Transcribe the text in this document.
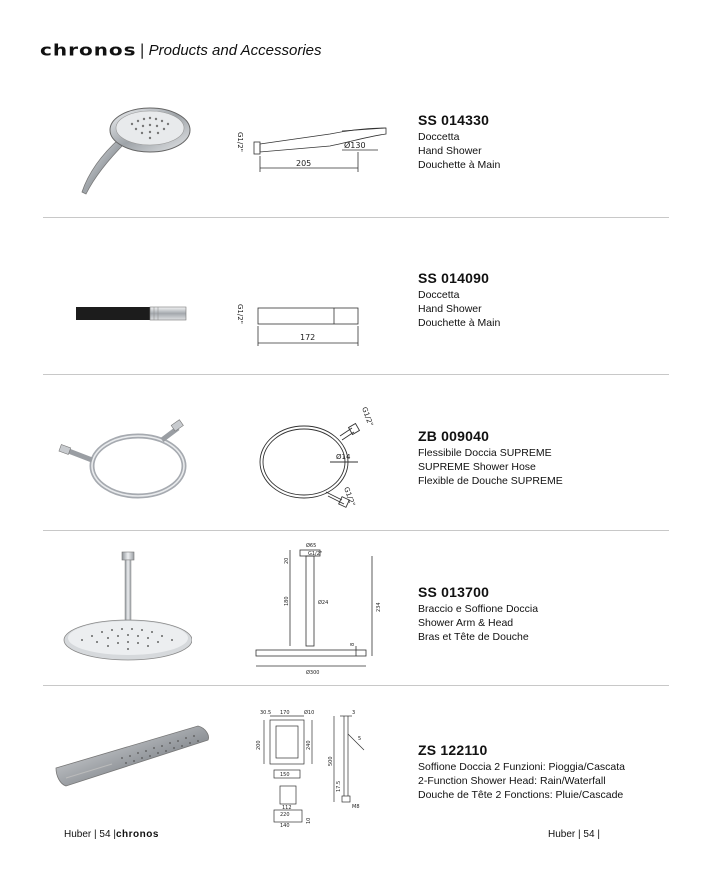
chronos | Products and Accessories
G1/2"	Ø130
205
SS 014330
Doccetta
Hand Shower
Douchette à Main
G1/2"
172
SS 014090
Doccetta
Hand Shower
Douchette à Main
G1/2"
Ø14
G1/2"
ZB 009040
Flessibile Doccia SUPREME
SUPREME Shower Hose
Flexible de Douche SUPREME
Ø65
G1/2"
20
180	Ø24	234
8
Ø300
SS 013700
Braccio e Soffione Doccia
Shower Arm & Head
Bras et Tête de Douche
170
30.5	Ø10
200	240
150
112
220
140
10
3
5
500
17.5
M8
ZS 122110
Soffione Doccia 2 Funzioni: Pioggia/Cascata
2-Function Shower Head: Rain/Waterfall
Douche de Tête 2 Fonctions: Pluie/Cascade
Huber | 54 |chronos	Huber | 54 |
